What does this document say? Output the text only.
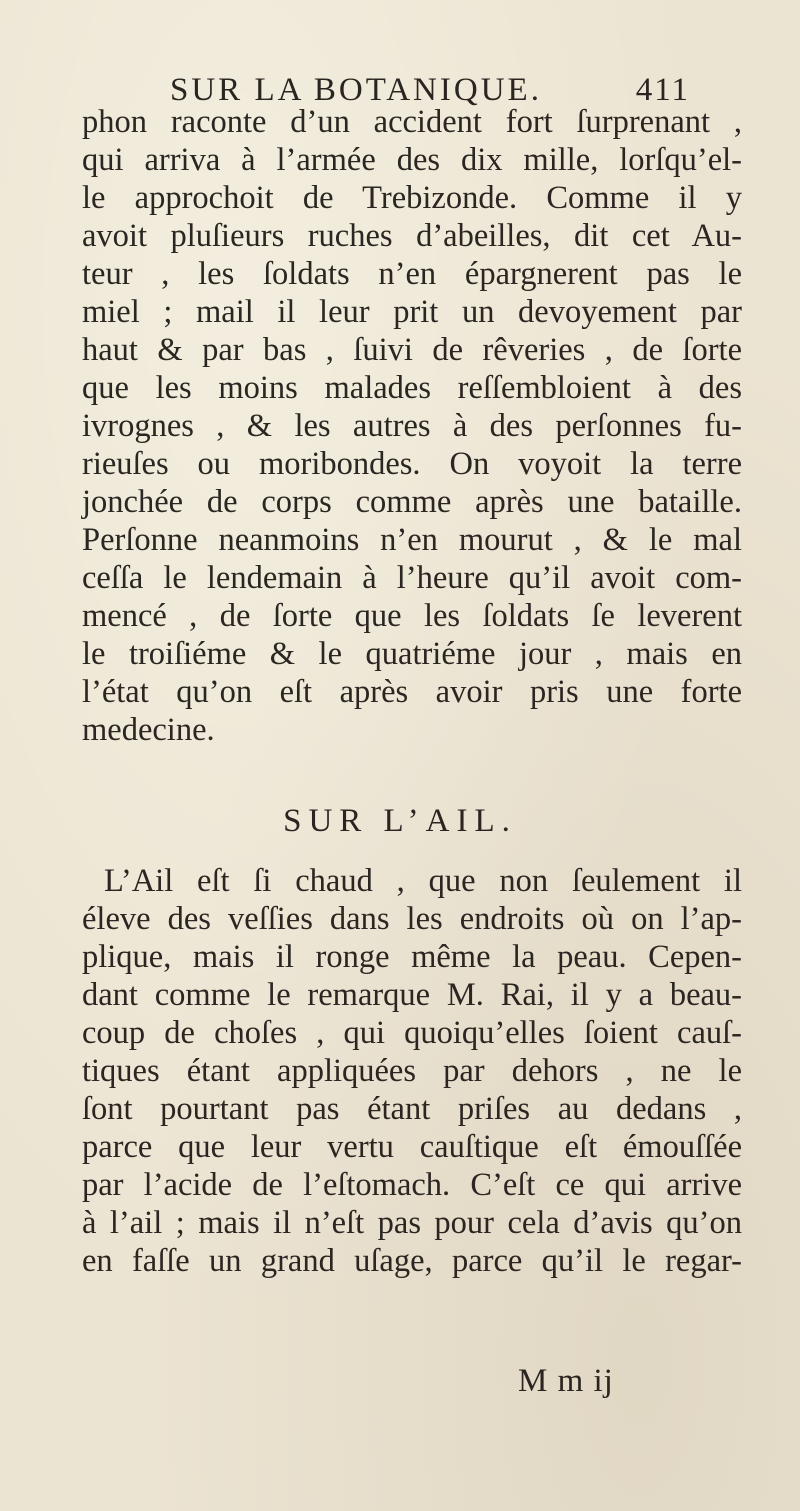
SUR LA BOTANIQUE.	411
phon raconte d’un accident fort ſurprenant ,
qui arriva à l’armée des dix mille, lorſqu’el-
le approchoit de Trebizonde. Comme il y
avoit pluſieurs ruches d’abeilles, dit cet Au-
teur , les ſoldats n’en épargnerent pas le
miel ; mail il leur prit un devoyement par
haut & par bas , ſuivi de rêveries , de ſorte
que les moins malades reſſembloient à des
ivrognes , & les autres à des perſonnes fu-
rieuſes ou moribondes. On voyoit la terre
jonchée de corps comme après une bataille.
Perſonne neanmoins n’en mourut , & le mal
ceſſa le lendemain à l’heure qu’il avoit com-
mencé , de ſorte que les ſoldats ſe leverent
le troiſiéme & le quatriéme jour , mais en
l’état qu’on eſt après avoir pris une forte
medecine.
SUR L’AIL.
L’Ail eſt ſi chaud , que non ſeulement il
éleve des veſſies dans les endroits où on l’ap-
plique, mais il ronge même la peau. Cepen-
dant comme le remarque M. Rai, il y a beau-
coup de choſes , qui quoiqu’elles ſoient cauſ-
tiques étant appliquées par dehors , ne le
ſont pourtant pas étant priſes au dedans ,
parce que leur vertu cauſtique eſt émouſſée
par l’acide de l’eſtomach. C’eſt ce qui arrive
à l’ail ; mais il n’eſt pas pour cela d’avis qu’on
en faſſe un grand uſage, parce qu’il le regar-
M m ij
